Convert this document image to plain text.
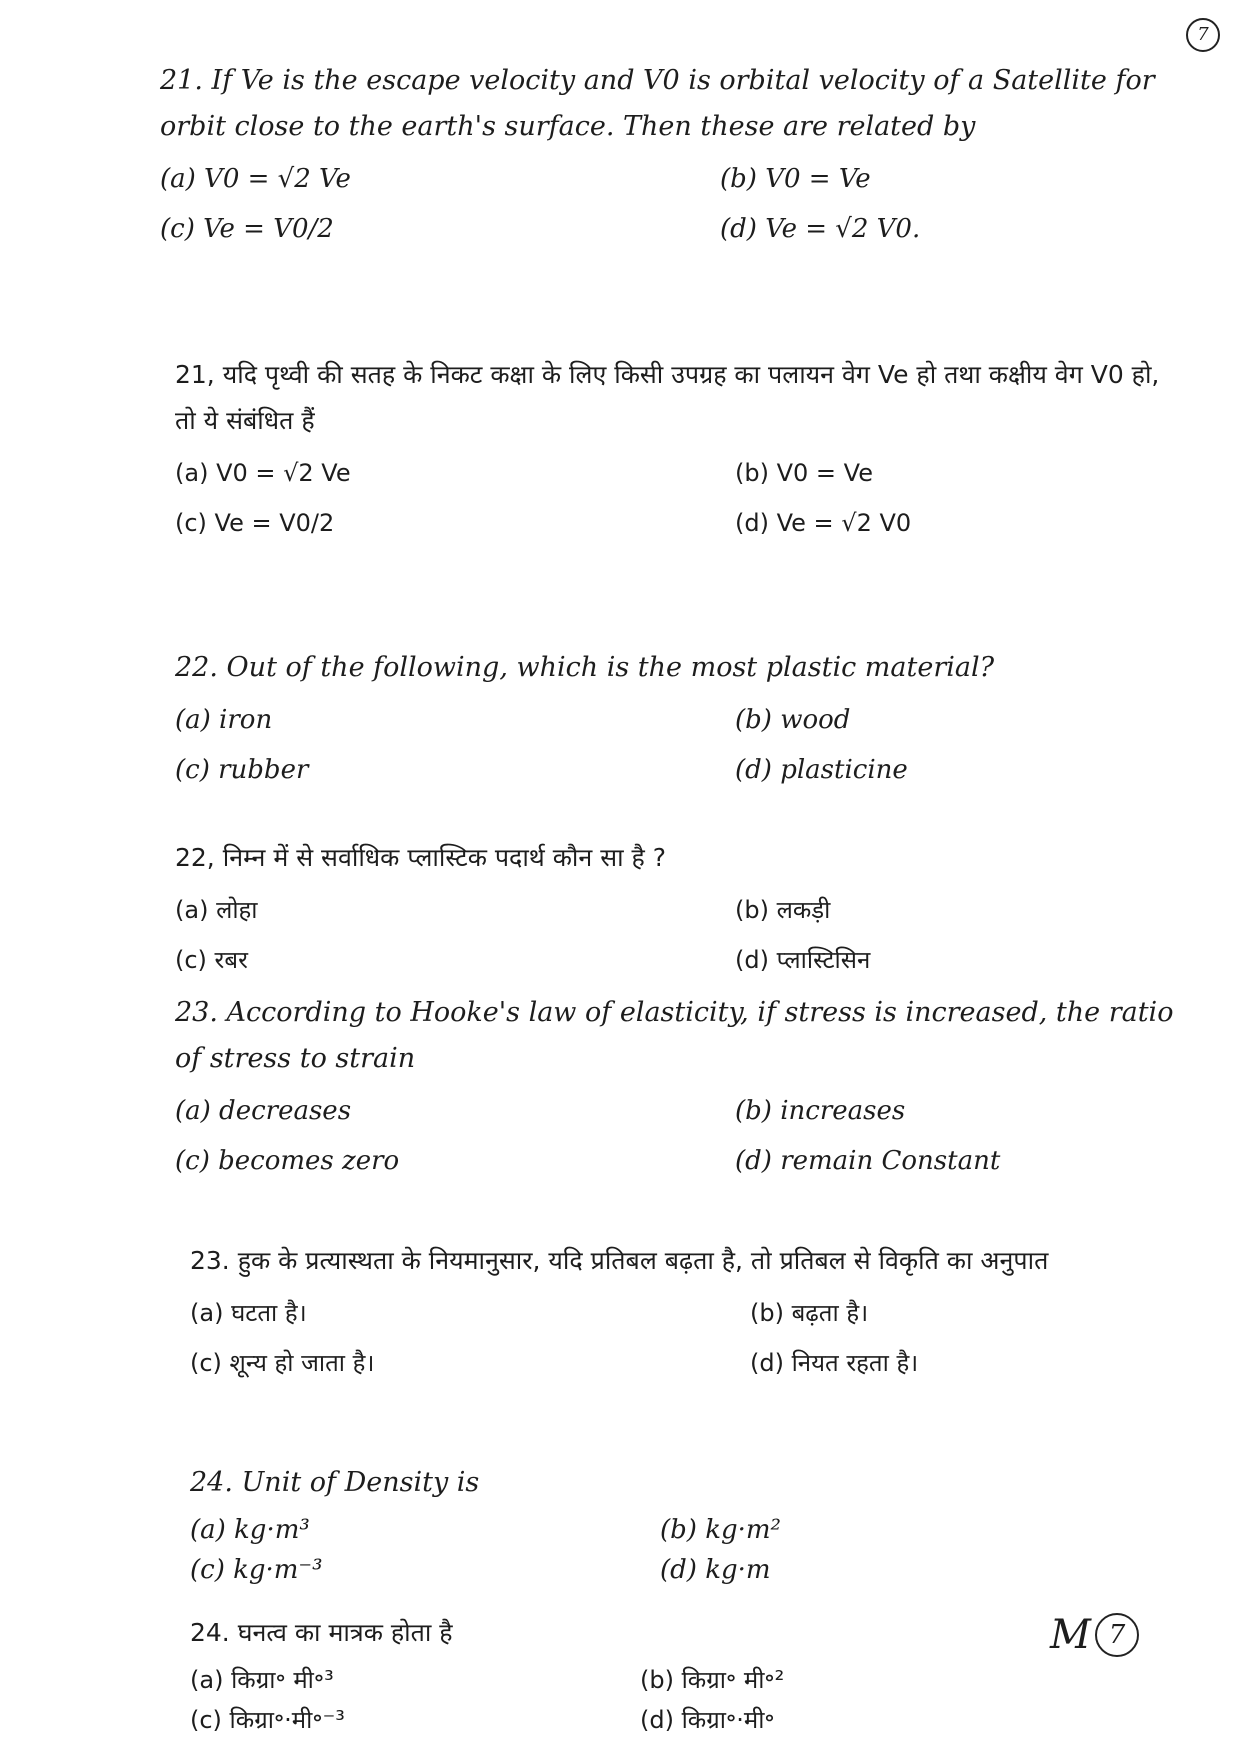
7
21. If Ve is the escape velocity and V0 is orbital velocity of a Satellite for orbit close to the earth's surface. Then these are related by
(a) V0 = √2 Ve	(b) V0 = Ve
(c) Ve = V0/2	(d) Ve = √2 V0.
21, यदि पृथ्वी की सतह के निकट कक्षा के लिए किसी उपग्रह का पलायन वेग Ve हो तथा कक्षीय वेग V0 हो, तो ये संबंधित हैं
(a) V0 = √2 Ve	(b) V0 = Ve
(c) Ve = V0/2	(d) Ve = √2 V0
22. Out of the following, which is the most plastic material?
(a) iron	(b) wood
(c) rubber	(d) plasticine
22, निम्न में से सर्वाधिक प्लास्टिक पदार्थ कौन सा है ?
(a) लोहा	(b) लकड़ी
(c) रबर	(d) प्लास्टिसिन
23. According to Hooke's law of elasticity, if stress is increased, the ratio of stress to strain
(a) decreases	(b) increases
(c) becomes zero	(d) remain Constant
23. हुक के प्रत्यास्थता के नियमानुसार, यदि प्रतिबल बढ़ता है, तो प्रतिबल से विकृति का अनुपात
(a) घटता है।	(b) बढ़ता है।
(c) शून्य हो जाता है।	(d) नियत रहता है।
24. Unit of Density is
(a) kg·m³	(b) kg·m²
(c) kg·m⁻³	(d) kg·m
24. घनत्व का मात्रक होता है
(a) किग्रा॰ मी॰³	(b) किग्रा॰ मी॰²
(c) किग्रा॰·मी॰⁻³	(d) किग्रा॰·मी॰
M 7
